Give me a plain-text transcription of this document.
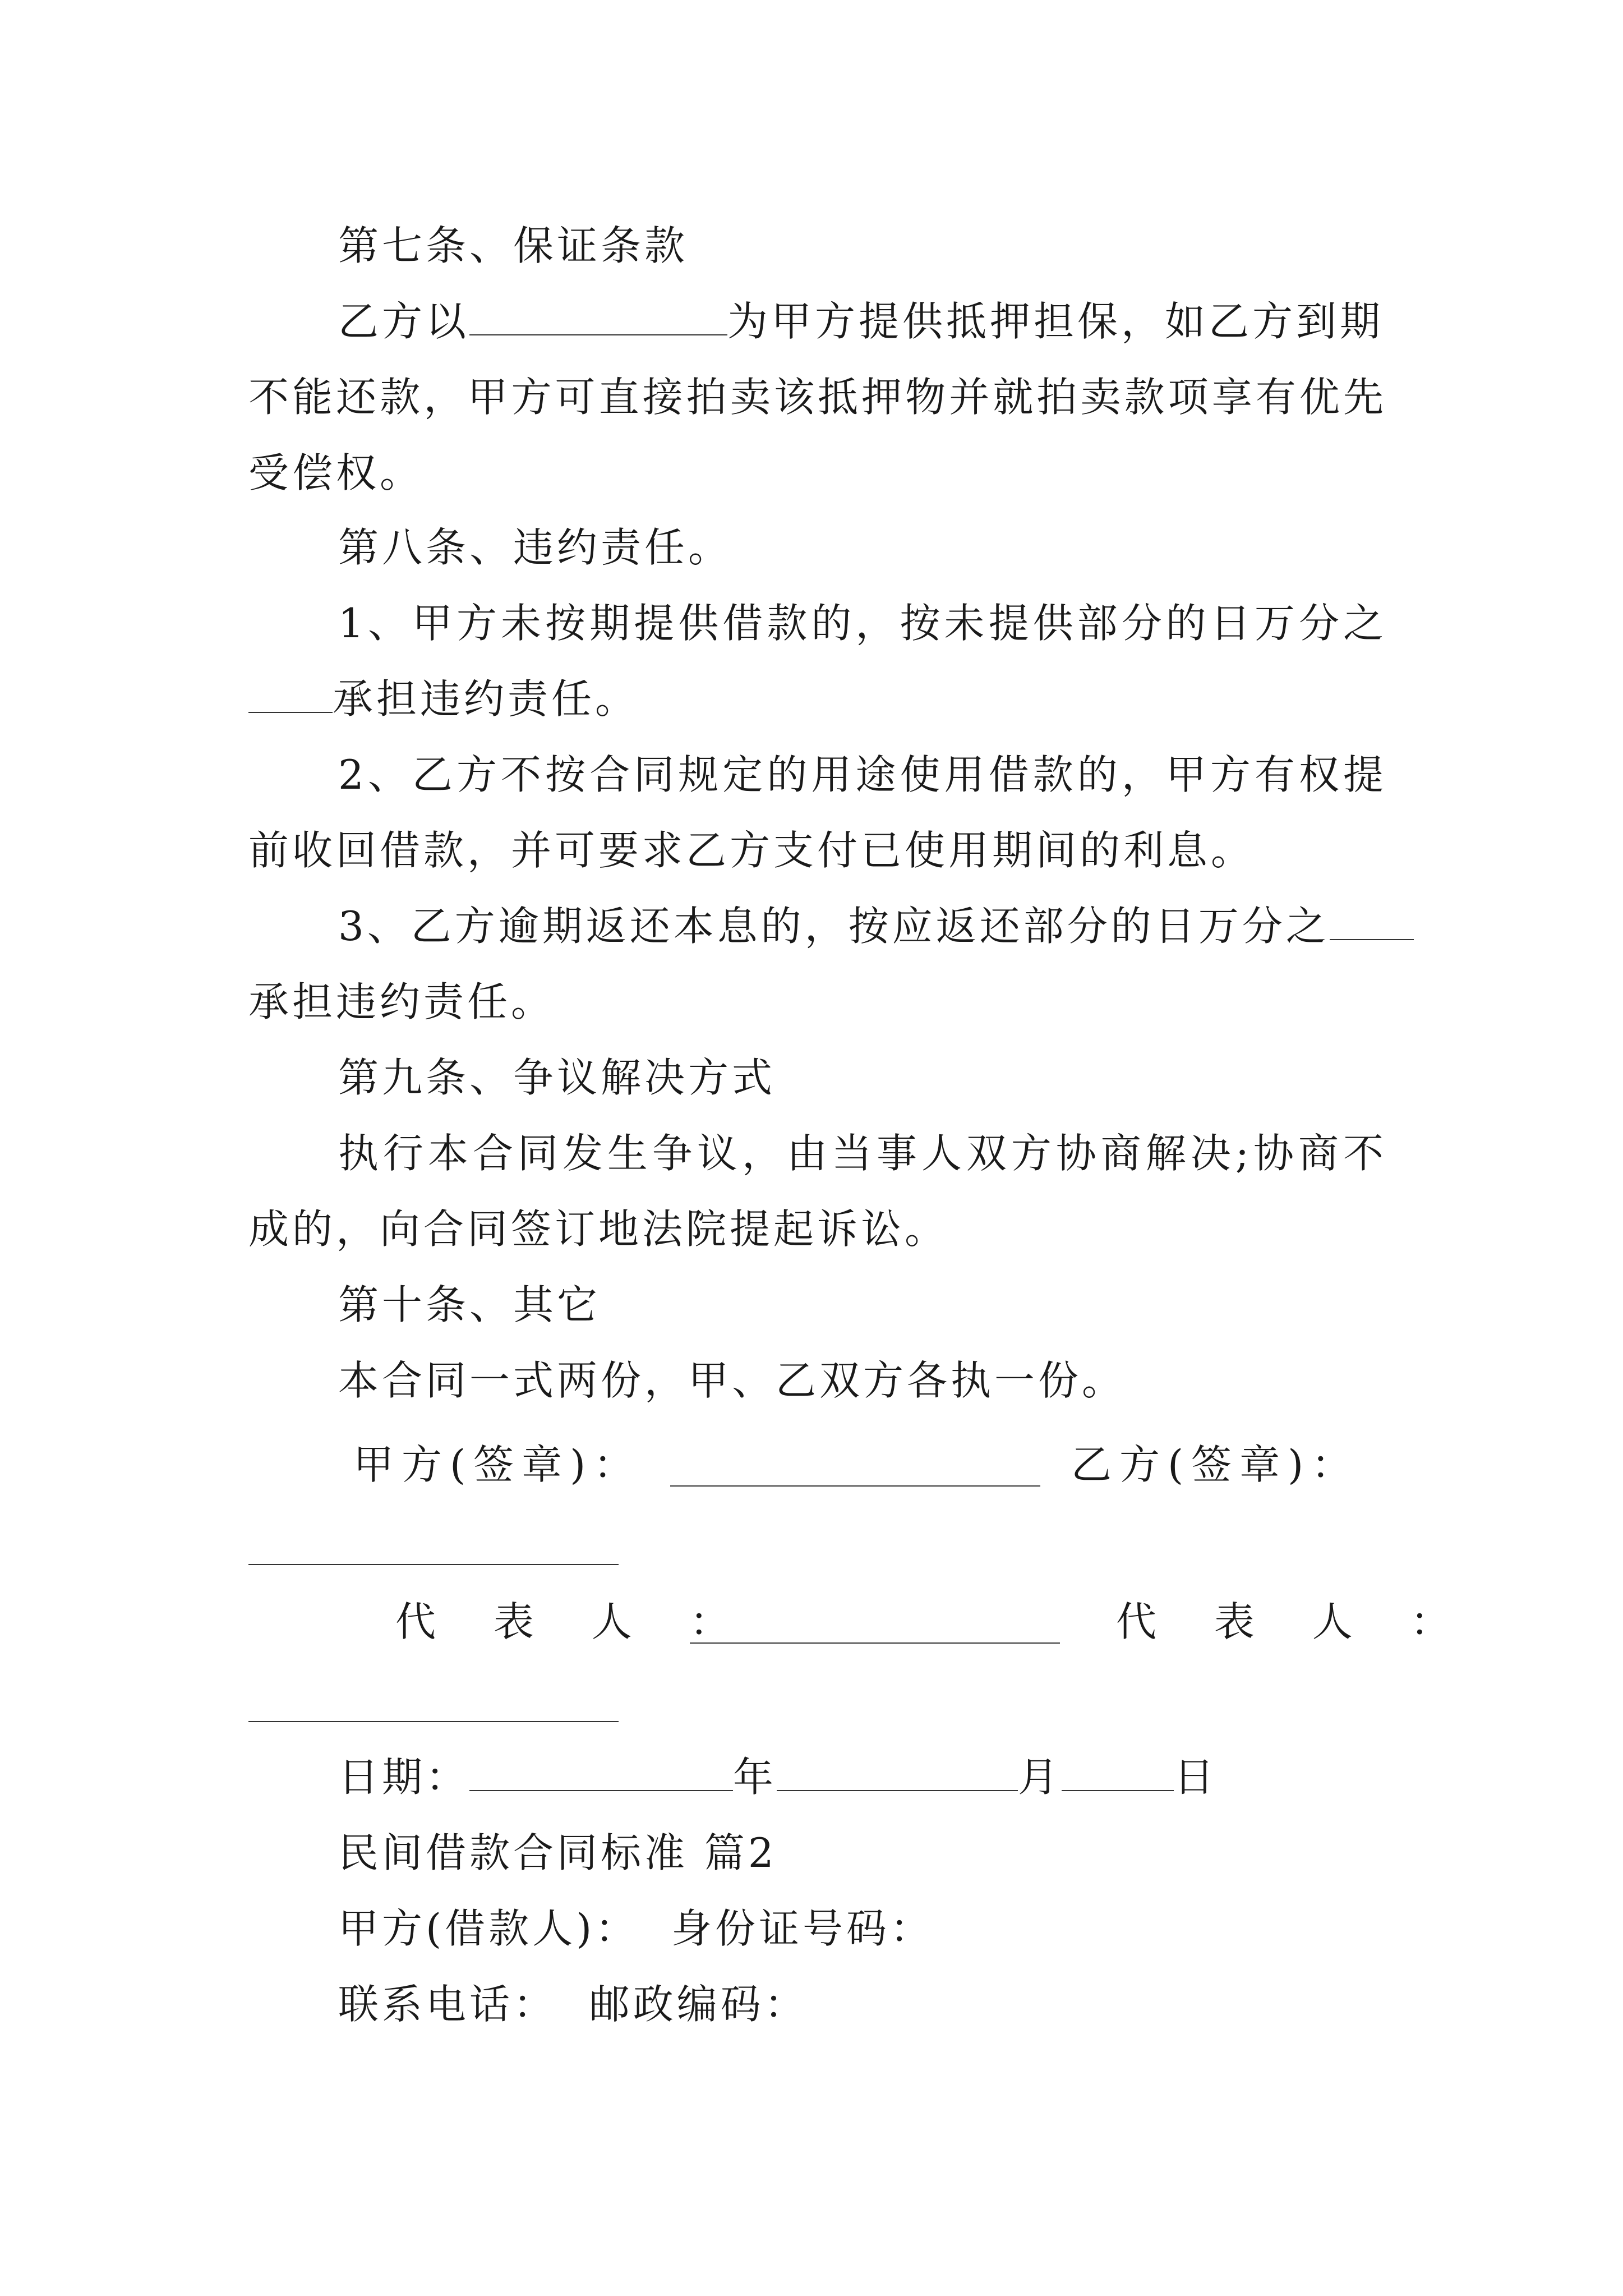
第七条、保证条款
乙方以	为甲方提供抵押担保，如乙方到期
不能还款，甲方可直接拍卖该抵押物并就拍卖款项享有优先
受偿权。
第八条、违约责任。
1、甲方未按期提供借款的，按未提供部分的日万分之
承担违约责任。
2、乙方不按合同规定的用途使用借款的，甲方有权提
前收回借款，并可要求乙方支付已使用期间的利息。
3、乙方逾期返还本息的，按应返还部分的日万分之
承担违约责任。
第九条、争议解决方式
执行本合同发生争议，由当事人双方协商解决;协商不
成的，向合同签订地法院提起诉讼。
第十条、其它
本合同一式两份，甲、乙双方各执一份。
甲方(签章)：	乙方(签章)：
代 表 人 ：	代 表 人 ：
日期：	年	月	日
民间借款合同标准 篇2
甲方(借款人)：  身份证号码：
联系电话：  邮政编码：
